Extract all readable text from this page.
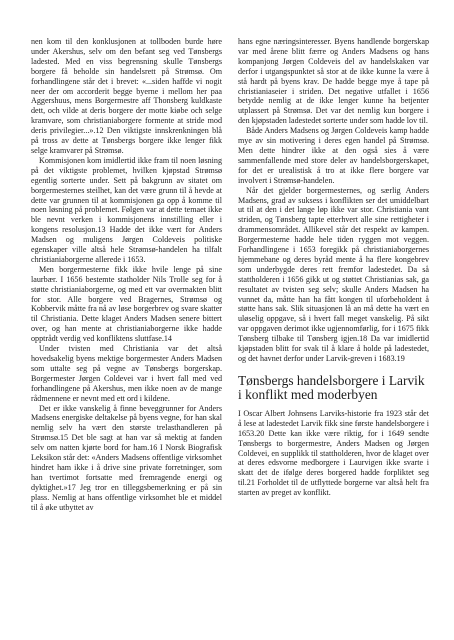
nen kom til den konklusjonen at tollboden burde høre under Akershus, selv om den befant seg ved Tønsbergs ladested. Med en viss begrensning skulle Tønsbergs borgere få beholde sin handelsrett på Strømsø. Om forhandlingene står det i brevet: «...siden haffde vi nogit neer der om accorderit begge byerne i mellom her paa Aggershuus, mens Borgermestre aff Thonsberg kuldkaste dett, och vilde at deris borgere der motte kiøbe och selge kramvare, som christianiaborgere formente at stride mod deris privilegier...».12 Den viktigste innskrenkningen blå på tross av dette at Tønsbergs borgere ikke lenger fikk selge kramvarer på Strømsø.

Kommisjonen kom imidlertid ikke fram til noen løsning på det viktigste problemet, hvilken kjøpstad Strømsø egentlig sorterte under. Sett på bakgrunn av sitatet om borgermesternes steilhet, kan det være grunn til å hevde at dette var grunnen til at kommisjonen ga opp å komme til noen løsning på problemet. Følgen var at dette temaet ikke ble nevnt verken i kommisjonens innstilling eller i kongens resolusjon.13 Hadde det ikke vært for Anders Madsen og muligens Jørgen Coldeveis politiske egenskaper ville altså hele Strømsø-handelen ha tilfalt christianiaborgerne allerede i 1653.

Men borgermesterne fikk ikke hvile lenge på sine laurbær. I 1656 bestemte statholder Nils Trolle seg for å støtte christianiaborgerne, og med ett var overmakten blitt for stor. Alle borgere ved Bragernes, Strømsø og Kobbervik måtte fra nå av løse borgerbrev og svare skatter til Christiania. Dette klaget Anders Madsen senere bittert over, og han mente at christianiaborgerne ikke hadde opptrådt verdig ved konfliktens sluttfase.14

Under tvisten med Christiania var det altså hovedsakelig byens mektige borgermester Anders Madsen som uttalte seg på vegne av Tønsbergs borgerskap. Borgermester Jørgen Coldevei var i hvert fall med ved forhandlingene på Akershus, men ikke noen av de mange rådmennene er nevnt med ett ord i kildene.

Det er ikke vanskelig å finne beveggrunner for Anders Madsens energiske deltakelse på byens vegne, for han skal nemlig selv ha vært den største trelasthandleren på Strømsø.15 Det ble sagt at han var så mektig at fanden selv om natten kjørte bord for ham.16 I Norsk Biografisk Leksikon står det: «Anders Madsens offentlige virksomhet hindret ham ikke i å drive sine private forretninger, som han tvertimot fortsatte med fremragende energi og dyktighet.»17 Jeg tror en tilleggsbemerkning er på sin plass. Nemlig at hans offentlige virksomhet ble et middel til å øke utbyttet av

hans egne næringsinteresser. Byens handlende borgerskap var med årene blitt færre og Anders Madsens og hans kompanjong Jørgen Coldeveis del av handelskaken var derfor i utgangspunktet så stor at de ikke kunne la være å stå hardt på byens krav. De hadde begge mye å tape på christianiaseier i striden. Det negative utfallet i 1656 betydde nemlig at de ikke lenger kunne ha betjenter utplassert på Strømsø. Det var det nemlig kun borgere i den kjøpstaden ladestedet sorterte under som hadde lov til.

Både Anders Madsens og Jørgen Coldeveis kamp hadde mye av sin motivering i deres egen handel på Strømsø. Men dette hindrer ikke at den også sies å være sammenfallende med store deler av handelsborgerskapet, for det er urealistisk å tro at ikke flere borgere var involvert i Strømsø-handelen.

Når det gjelder borgermesternes, og særlig Anders Madsens, grad av suksess i konflikten ser det umiddelbart ut til at den i det lange løp ikke var stor. Christiania vant striden, og Tønsberg tapte etterhvert alle sine rettigheter i drammensområdet. Allikevel står det respekt av kampen. Borgermesterne hadde hele tiden ryggen mot veggen. Forhandlingene i 1653 foregikk på christianiaborgernes hjemmebane og deres byråd mente å ha flere kongebrev som underbygde deres rett fremfor ladestedet. Da så stattholderen i 1656 gikk ut og støttet Christianias sak, ga resultatet av tvisten seg selv; skulle Anders Madsen ha vunnet da, måtte han ha fått kongen til uforbeholdent å støtte hans sak. Slik situasjonen lå an må dette ha vært en uløselig oppgave, så i hvert fall meget vanskelig. På sikt var oppgaven derimot ikke ugjennomførlig, for i 1675 fikk Tønsberg tilbake til Tønsberg igjen.18 Da var imidlertid kjøpstaden blitt for svak til å klare å holde på ladestedet, og det havnet derfor under Larvik-greven i 1683.19

Tønsbergs handelsborgere i Larvik i konflikt med moderbyen

I Oscar Albert Johnsens Larviks-historie fra 1923 står det å lese at ladestedet Larvik fikk sine første handelsborgere i 1653.20 Dette kan ikke være riktig, for i 1649 sendte Tønsbergs to borgermestre, Anders Madsen og Jørgen Coldevei, en supplikk til stattholderen, hvor de klaget over at deres edsvorne medborgere i Laurvigen ikke svarte i skatt det de ifølge deres borgered hadde forpliktet seg til.21 Forholdet til de utflyttede borgerne var altså helt fra starten av preget av konflikt.
